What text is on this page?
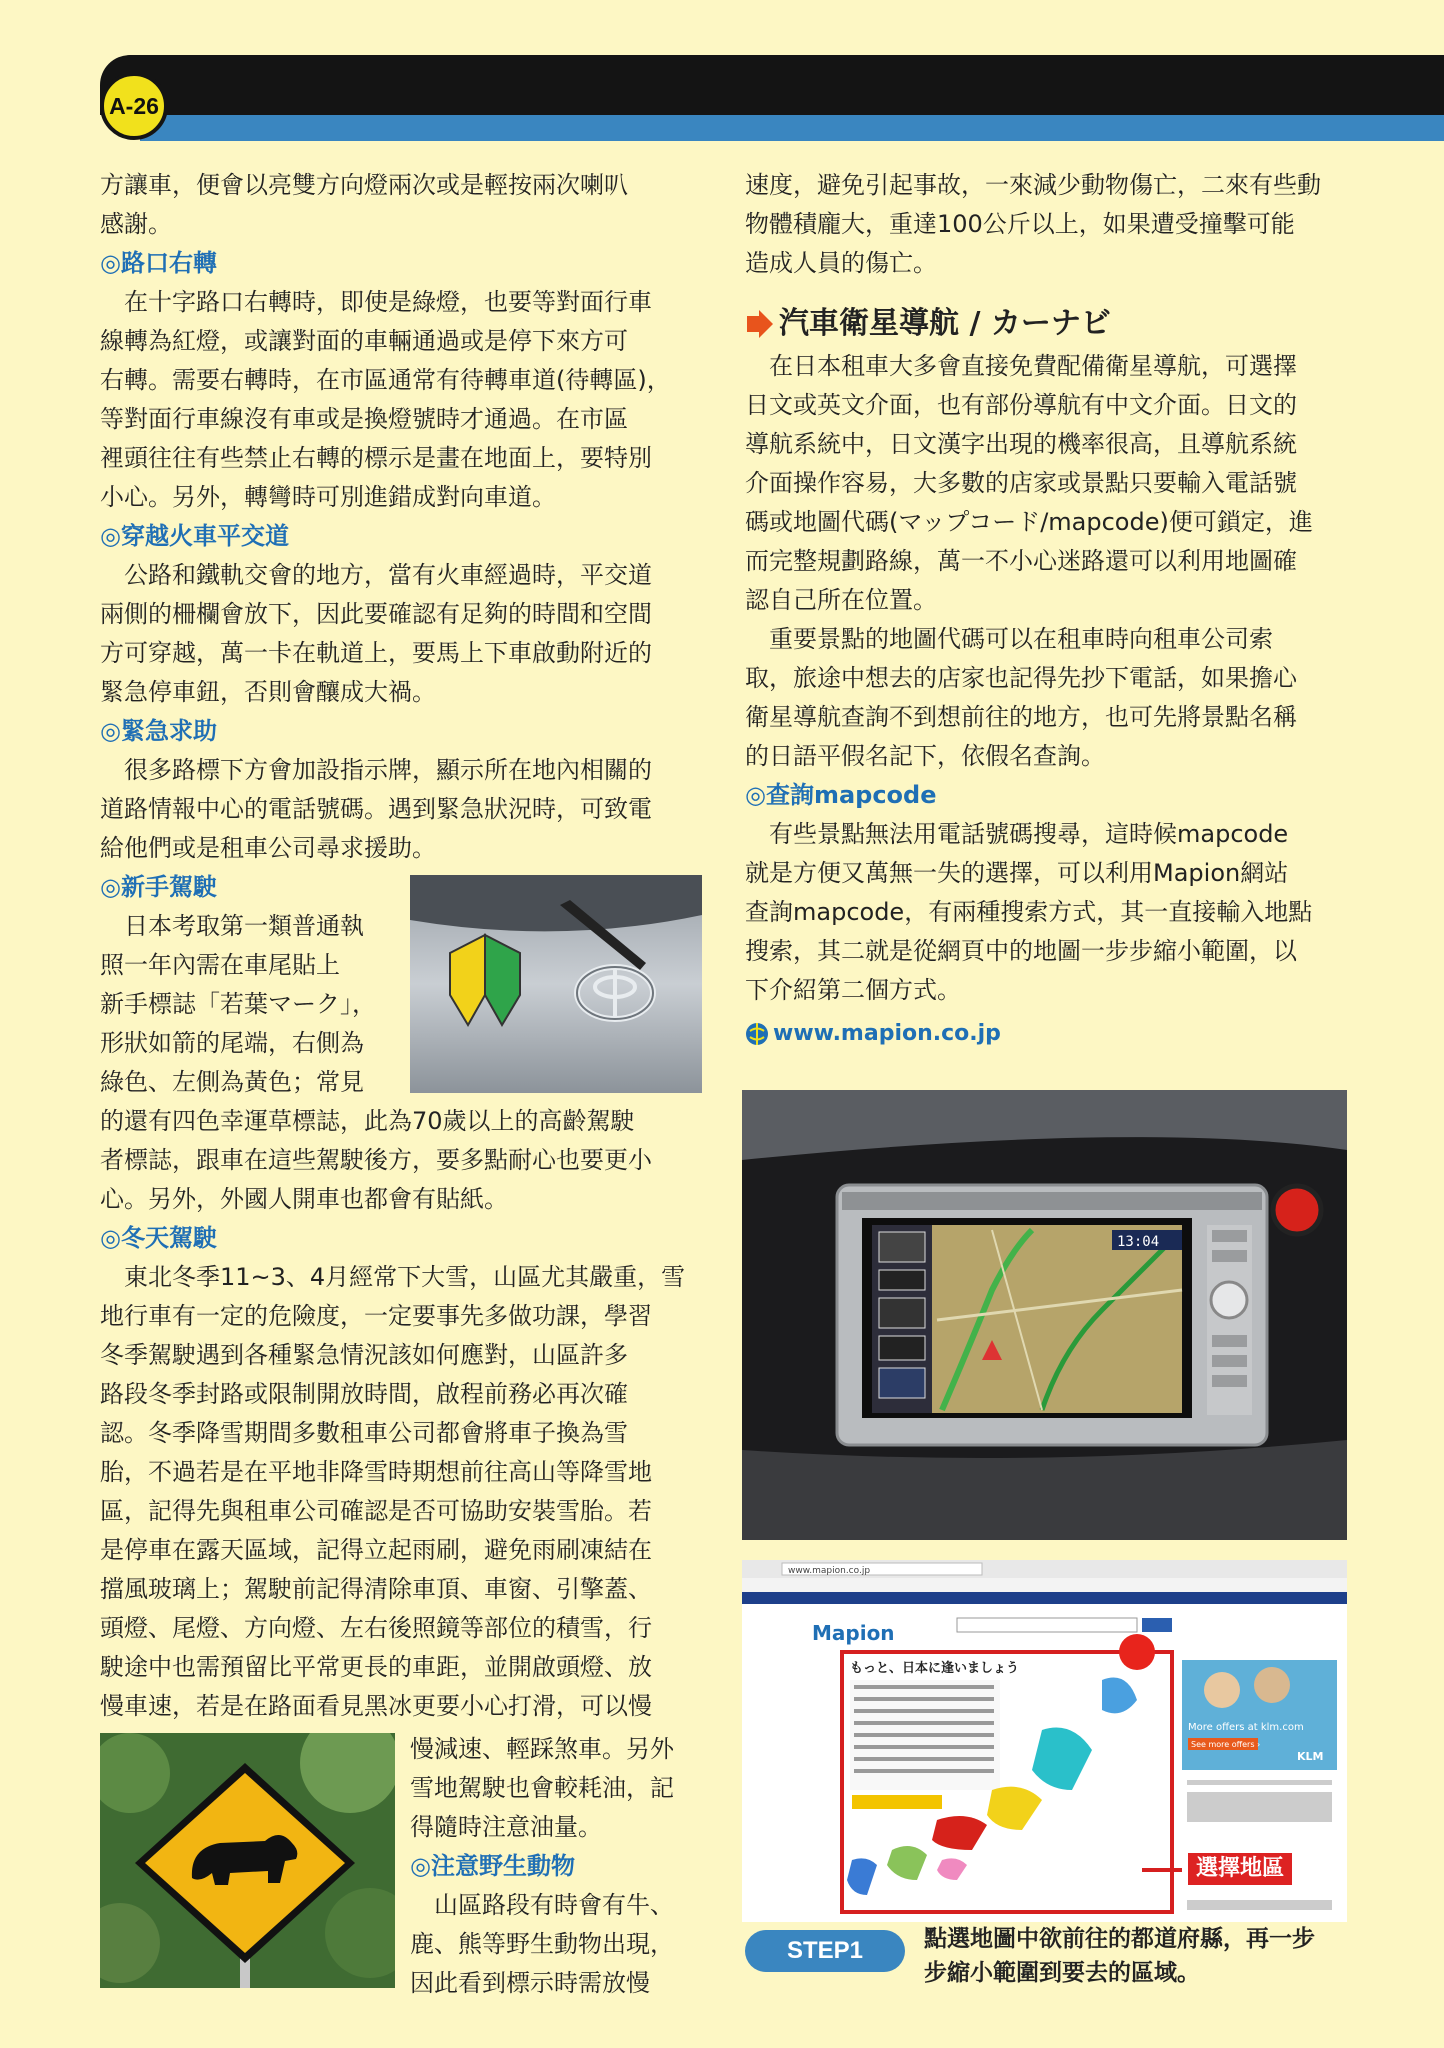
A-26
方讓車，便會以亮雙方向燈兩次或是輕按兩次喇叭
感謝。
◎路口右轉
在十字路口右轉時，即使是綠燈，也要等對面行車
線轉為紅燈，或讓對面的車輛通過或是停下來方可
右轉。需要右轉時，在市區通常有待轉車道(待轉區)，
等對面行車線沒有車或是換燈號時才通過。在市區
裡頭往往有些禁止右轉的標示是畫在地面上，要特別
小心。另外，轉彎時可別進錯成對向車道。
◎穿越火車平交道
公路和鐵軌交會的地方，當有火車經過時，平交道
兩側的柵欄會放下，因此要確認有足夠的時間和空間
方可穿越，萬一卡在軌道上，要馬上下車啟動附近的
緊急停車鈕，否則會釀成大禍。
◎緊急求助
很多路標下方會加設指示牌，顯示所在地內相關的
道路情報中心的電話號碼。遇到緊急狀況時，可致電
給他們或是租車公司尋求援助。
◎新手駕駛
日本考取第一類普通執
照一年內需在車尾貼上
新手標誌「若葉マーク」，
形狀如箭的尾端，右側為
綠色、左側為黃色；常見
的還有四色幸運草標誌，此為70歲以上的高齡駕駛
者標誌，跟車在這些駕駛後方，要多點耐心也要更小
心。另外，外國人開車也都會有貼紙。
◎冬天駕駛
東北冬季11~3、4月經常下大雪，山區尤其嚴重，雪
地行車有一定的危險度，一定要事先多做功課，學習
冬季駕駛遇到各種緊急情況該如何應對，山區許多
路段冬季封路或限制開放時間，啟程前務必再次確
認。冬季降雪期間多數租車公司都會將車子換為雪
胎，不過若是在平地非降雪時期想前往高山等降雪地
區，記得先與租車公司確認是否可協助安裝雪胎。若
是停車在露天區域，記得立起雨刷，避免雨刷凍結在
擋風玻璃上；駕駛前記得清除車頂、車窗、引擎蓋、
頭燈、尾燈、方向燈、左右後照鏡等部位的積雪，行
駛途中也需預留比平常更長的車距，並開啟頭燈、放
慢車速，若是在路面看見黑冰更要小心打滑，可以慢
慢減速、輕踩煞車。另外
雪地駕駛也會較耗油，記
得隨時注意油量。
◎注意野生動物
山區路段有時會有牛、
鹿、熊等野生動物出現，
因此看到標示時需放慢
速度，避免引起事故，一來減少動物傷亡，二來有些動
物體積龐大，重達100公斤以上，如果遭受撞擊可能
造成人員的傷亡。
汽車衛星導航 / カーナビ
在日本租車大多會直接免費配備衛星導航，可選擇
日文或英文介面，也有部份導航有中文介面。日文的
導航系統中，日文漢字出現的機率很高，且導航系統
介面操作容易，大多數的店家或景點只要輸入電話號
碼或地圖代碼(マップコード/mapcode)便可鎖定，進
而完整規劃路線，萬一不小心迷路還可以利用地圖確
認自己所在位置。
重要景點的地圖代碼可以在租車時向租車公司索
取，旅途中想去的店家也記得先抄下電話，如果擔心
衛星導航查詢不到想前往的地方，也可先將景點名稱
的日語平假名記下，依假名查詢。
◎查詢mapcode
有些景點無法用電話號碼搜尋，這時候mapcode
就是方便又萬無一失的選擇，可以利用Mapion網站
查詢mapcode，有兩種搜索方式，其一直接輸入地點
搜索，其二就是從網頁中的地圖一步步縮小範圍，以
下介紹第二個方式。
www.mapion.co.jp
13:04
www.mapion.co.jp
Mapion
もっと、日本に逢いましょう
More offers at klm.com
See more offers ›
KLM
選擇地區
STEP1	點選地圖中欲前往的都道府縣，再一步
步縮小範圍到要去的區域。
